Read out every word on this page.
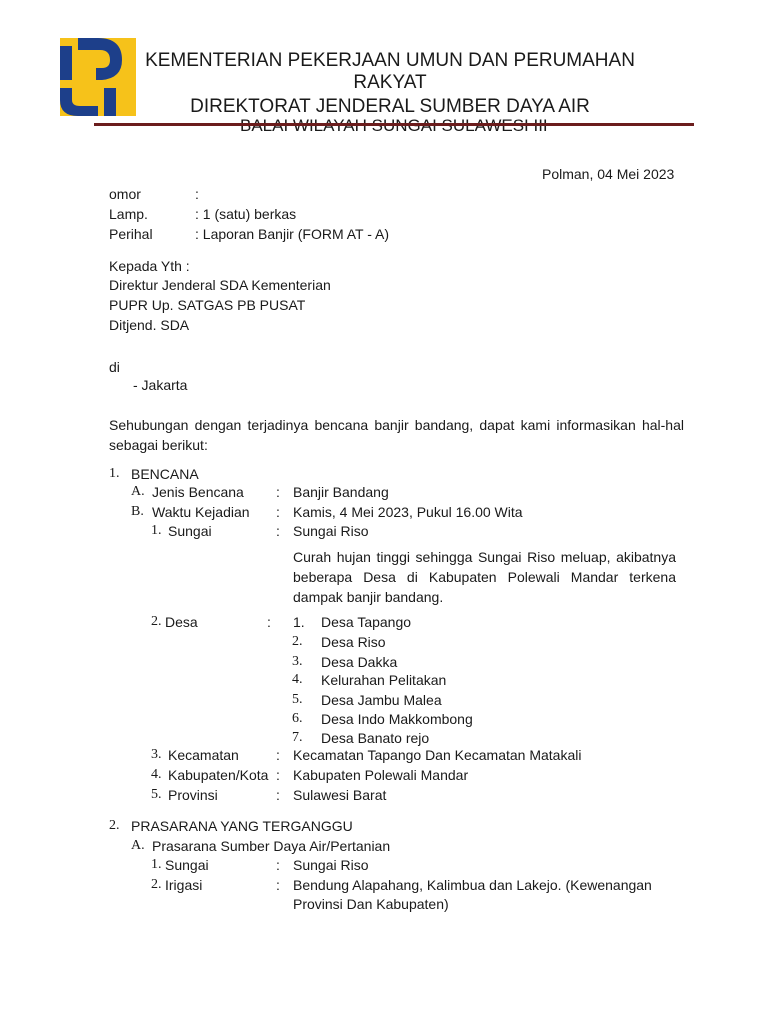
KEMENTERIAN PEKERJAAN UMUN DAN PERUMAHAN
RAKYAT
DIREKTORAT JENDERAL SUMBER DAYA AIR
Polman, 04 Mei 2023
omor	:
Lamp.	: 1 (satu) berkas
Perihal	: Laporan Banjir (FORM AT - A)
Kepada Yth :
Direktur Jenderal SDA Kementerian
PUPR Up. SATGAS PB PUSAT
Ditjend. SDA
di
- Jakarta
Sehubungan dengan terjadinya bencana banjir bandang, dapat kami informasikan hal-hal sebagai berikut:
1. BENCANA
A. Jenis Bencana : Banjir Bandang
B. Waktu Kejadian : Kamis, 4 Mei 2023, Pukul 16.00 Wita
1. Sungai	: Sungai Riso
Curah hujan tinggi sehingga Sungai Riso meluap, akibatnya beberapa Desa di Kabupaten Polewali Mandar terkena dampak banjir bandang.
2. Desa	: 1. Desa Tapango
2. Desa Riso
3. Desa Dakka
4. Kelurahan Pelitakan
5. Desa Jambu Malea
6. Desa Indo Makkombong
7. Desa Banato rejo
3. Kecamatan	: Kecamatan Tapango Dan Kecamatan Matakali
4. Kabupaten/Kota : Kabupaten Polewali Mandar
5. Provinsi	: Sulawesi Barat
2. PRASARANA YANG TERGANGGU
A. Prasarana Sumber Daya Air/Pertanian
1. Sungai	: Sungai Riso
2. Irigasi	: Bendung Alapahang, Kalimbua dan Lakejo. (Kewenangan
Provinsi Dan Kabupaten)
